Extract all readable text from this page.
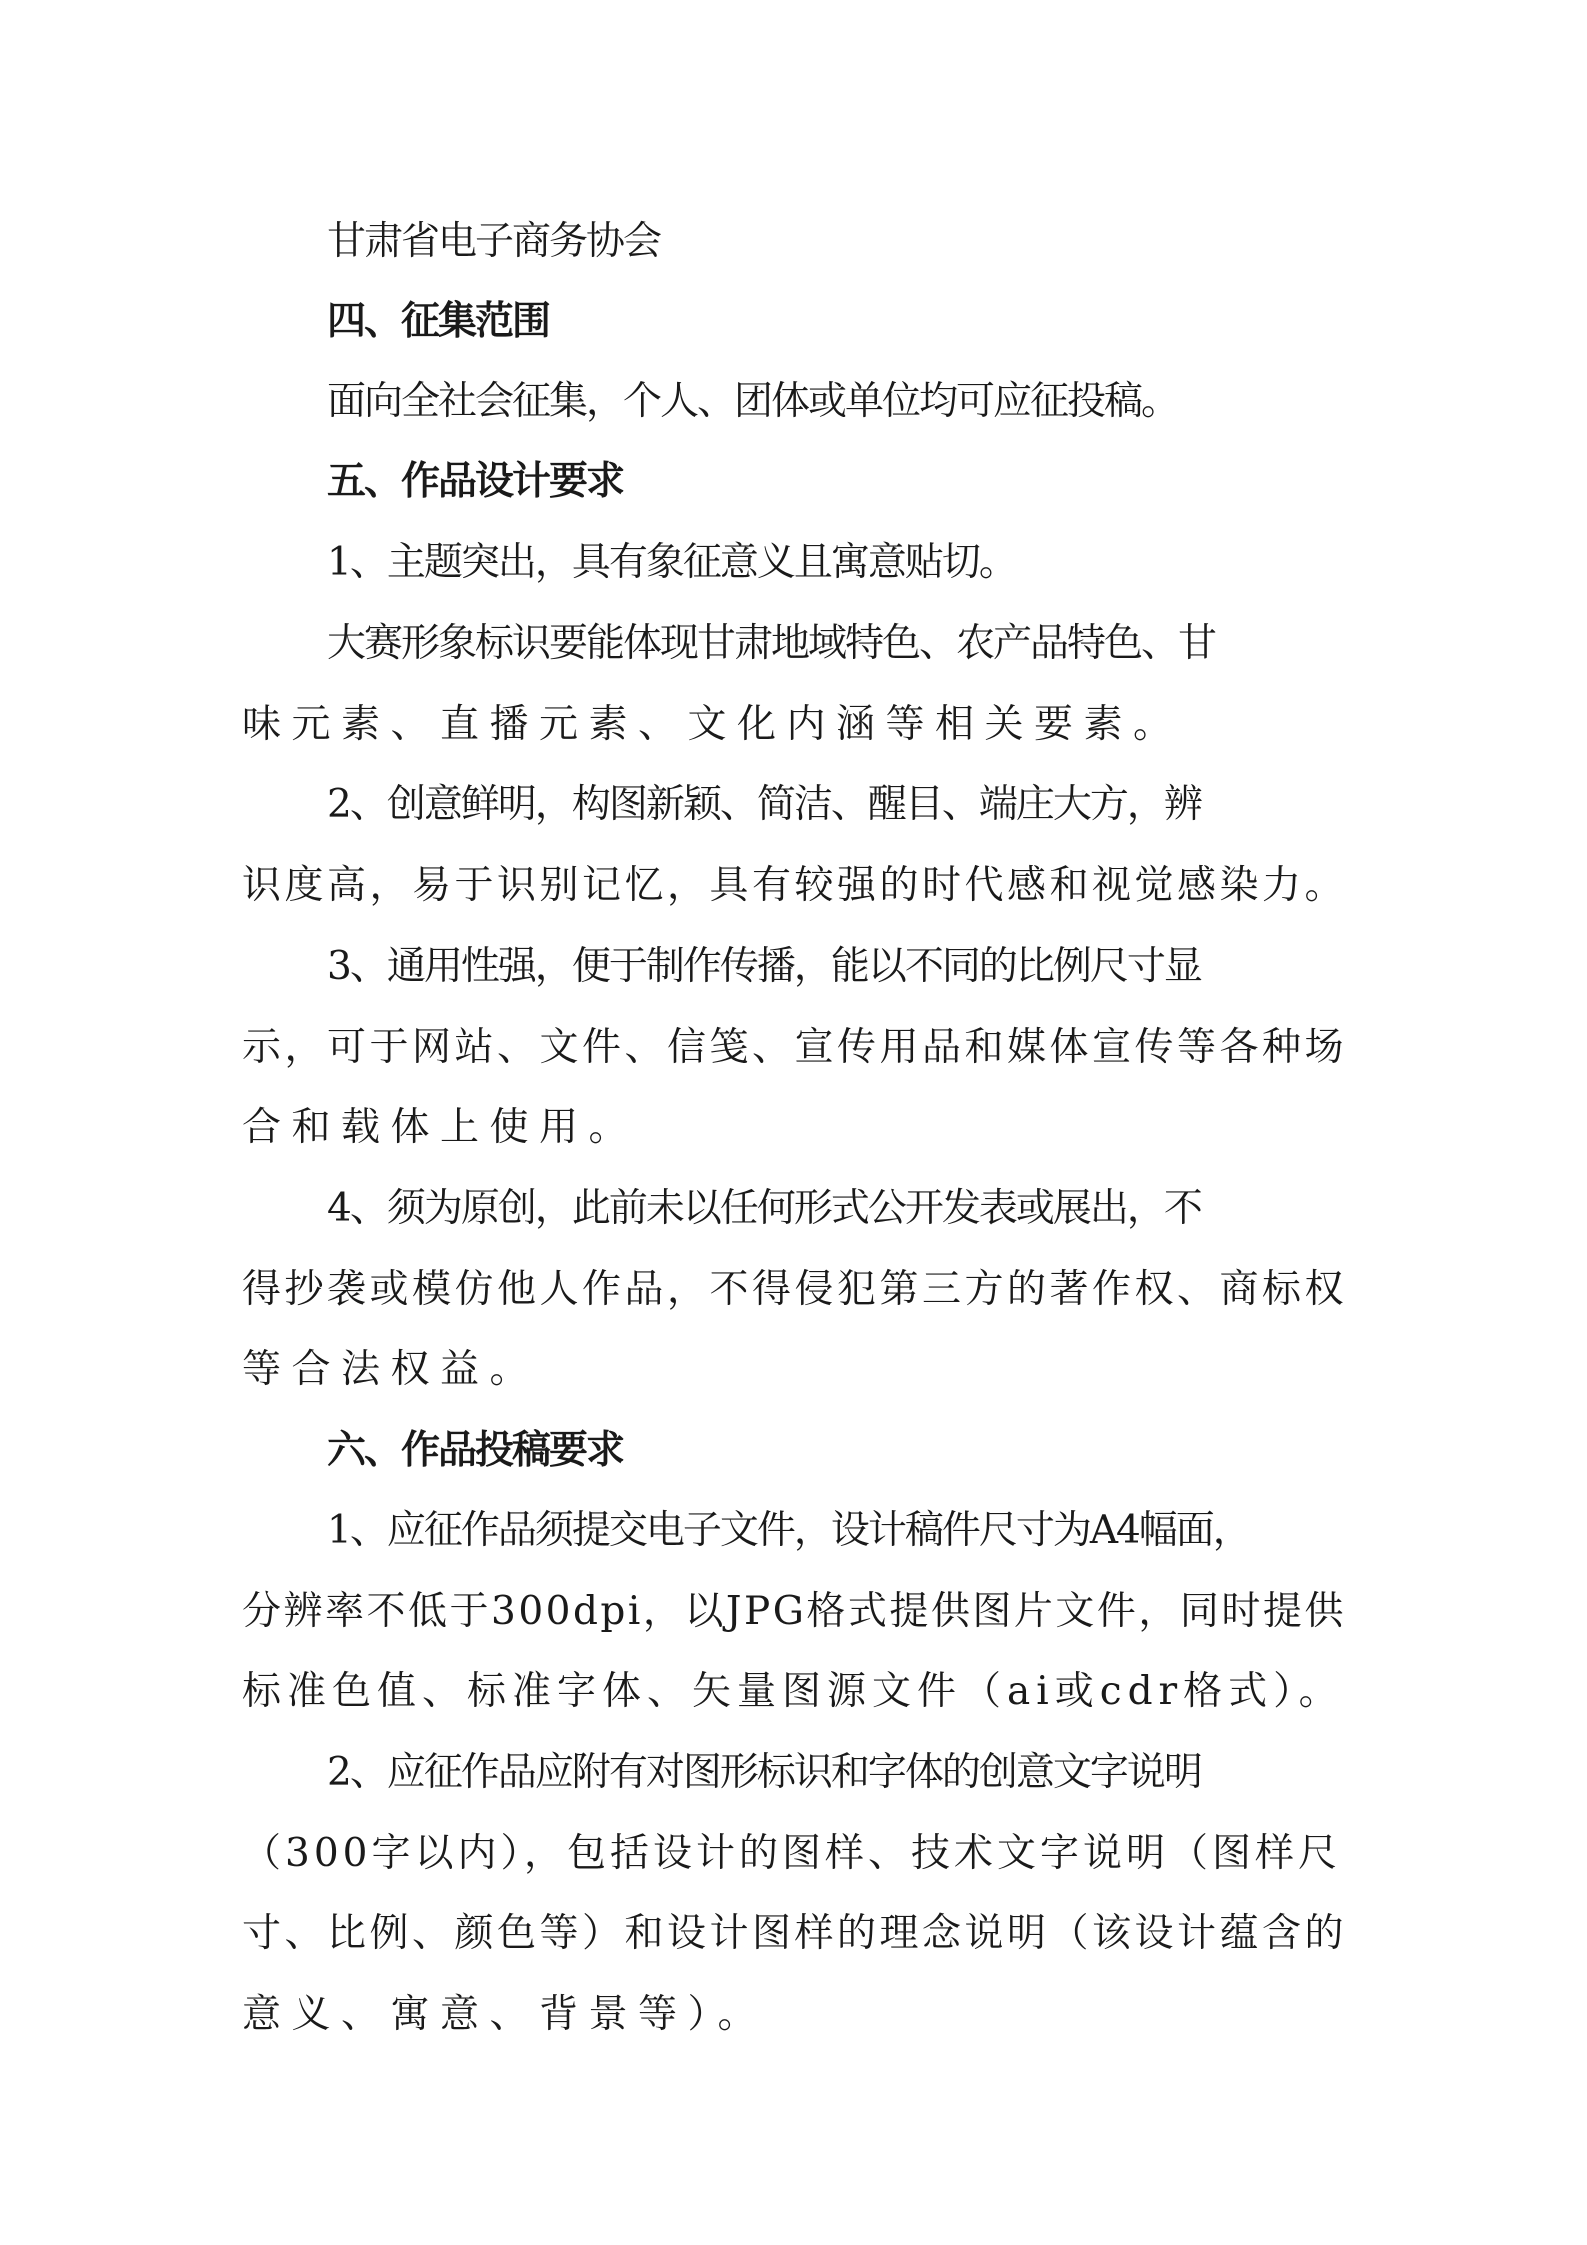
甘肃省电子商务协会
四、征集范围
面向全社会征集，个人、团体或单位均可应征投稿。
五、作品设计要求
1、主题突出，具有象征意义且寓意贴切。
大赛形象标识要能体现甘肃地域特色、农产品特色、甘
味元素、直播元素、文化内涵等相关要素。
2、创意鲜明，构图新颖、简洁、醒目、端庄大方，辨
识度高，易于识别记忆，具有较强的时代感和视觉感染力。
3、通用性强，便于制作传播，能以不同的比例尺寸显
示，可于网站、文件、信笺、宣传用品和媒体宣传等各种场
合和载体上使用。
4、须为原创，此前未以任何形式公开发表或展出，不
得抄袭或模仿他人作品，不得侵犯第三方的著作权、商标权
等合法权益。
六、作品投稿要求
1、应征作品须提交电子文件，设计稿件尺寸为A4幅面，
分辨率不低于300dpi，以JPG格式提供图片文件，同时提供
标准色值、标准字体、矢量图源文件（ai或cdr格式）。
2、应征作品应附有对图形标识和字体的创意文字说明
（300字以内），包括设计的图样、技术文字说明（图样尺
寸、比例、颜色等）和设计图样的理念说明（该设计蕴含的
意义、寓意、背景等）。
